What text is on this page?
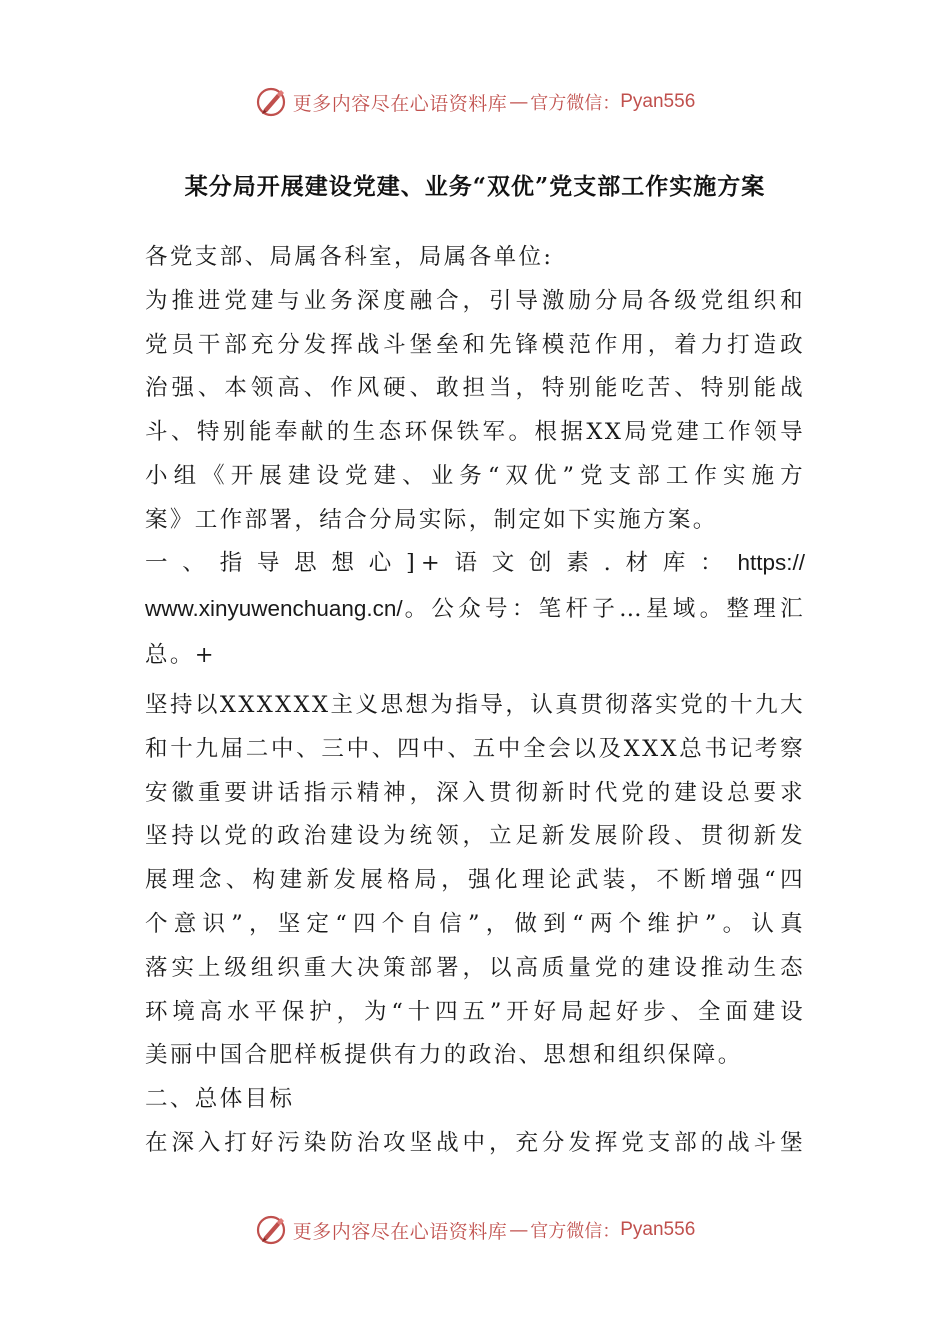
更多内容尽在心语资料库 — 官方微信： Pyan556
某分局开展建设党建、业务“双优”党支部工作实施方案

各党支部、局属各科室，局属各单位:

为推进党建与业务深度融合，引导激励分局各级党组织和

党员干部充分发挥战斗堡垒和先锋模范作用，着力打造政

治强、本领高、作风硬、敢担当，特别能吃苦、特别能战

斗、特别能奉献的生态环保铁军。根据XX局党建工作领导

小组《开展建设党建、业务“双优”党支部工作实施方

案》工作部署，结合分局实际，制定如下实施方案。

一、指导思想心]+语文创素.材库：https://

www.xinyuwenchuang.cn/。公众号：笔杆子…星域。整理汇

总。+

坚持以XXXXXX主义思想为指导，认真贯彻落实党的十九大

和十九届二中、三中、四中、五中全会以及XXX总书记考察

安徽重要讲话指示精神，深入贯彻新时代党的建设总要求

坚持以党的政治建设为统领，立足新发展阶段、贯彻新发

展理念、构建新发展格局，强化理论武装，不断增强“四

个意识”，坚定“四个自信”，做到“两个维护”。认真

落实上级组织重大决策部署，以高质量党的建设推动生态

环境高水平保护，为“十四五”开好局起好步、全面建设

美丽中国合肥样板提供有力的政治、思想和组织保障。

二、总体目标

在深入打好污染防治攻坚战中，充分发挥党支部的战斗堡

更多内容尽在心语资料库 — 官方微信： Pyan556
